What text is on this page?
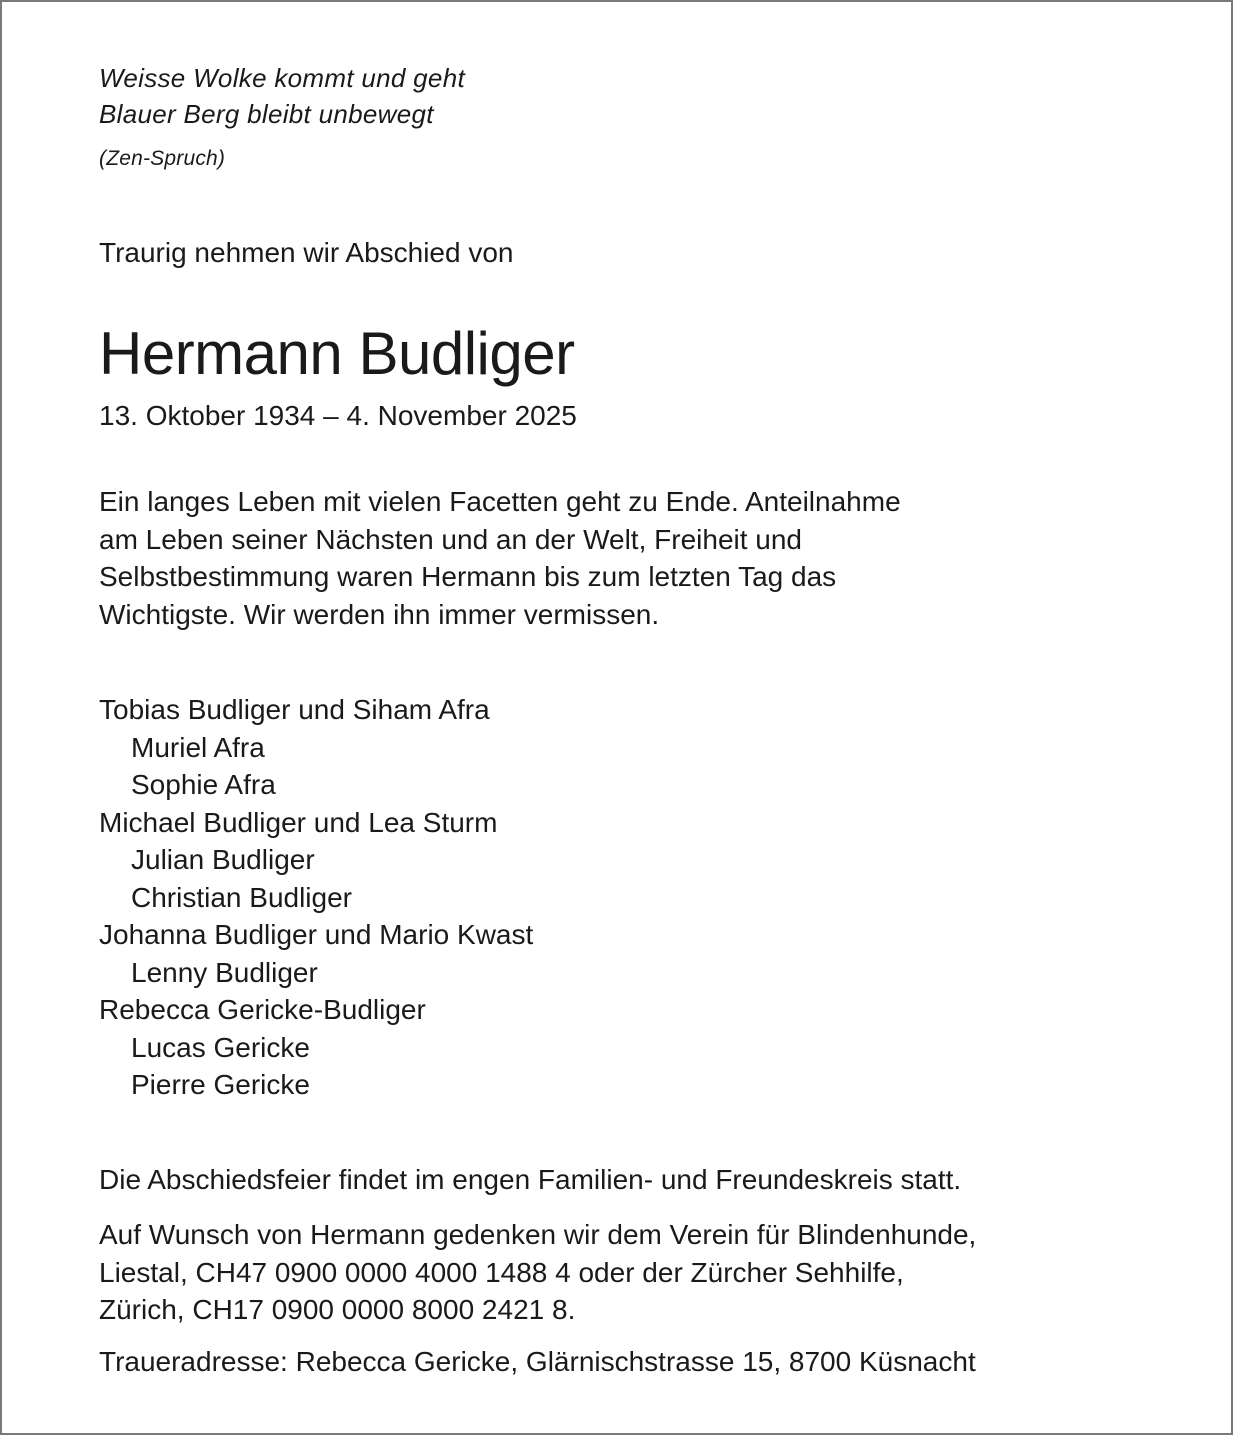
Weisse Wolke kommt und geht
Blauer Berg bleibt unbewegt
(Zen-Spruch)
Traurig nehmen wir Abschied von
Hermann Budliger
13. Oktober 1934 – 4. November 2025
Ein langes Leben mit vielen Facetten geht zu Ende. Anteilnahme
am Leben seiner Nächsten und an der Welt, Freiheit und
Selbstbestimmung waren Hermann bis zum letzten Tag das
Wichtigste. Wir werden ihn immer vermissen.
Tobias Budliger und Siham Afra
Muriel Afra
Sophie Afra
Michael Budliger und Lea Sturm
Julian Budliger
Christian Budliger
Johanna Budliger und Mario Kwast
Lenny Budliger
Rebecca Gericke-Budliger
Lucas Gericke
Pierre Gericke
Die Abschiedsfeier findet im engen Familien- und Freundeskreis statt.
Auf Wunsch von Hermann gedenken wir dem Verein für Blindenhunde,
Liestal, CH47 0900 0000 4000 1488 4 oder der Zürcher Sehhilfe,
Zürich, CH17 0900 0000 8000 2421 8.
Traueradresse: Rebecca Gericke, Glärnischstrasse 15, 8700 Küsnacht
